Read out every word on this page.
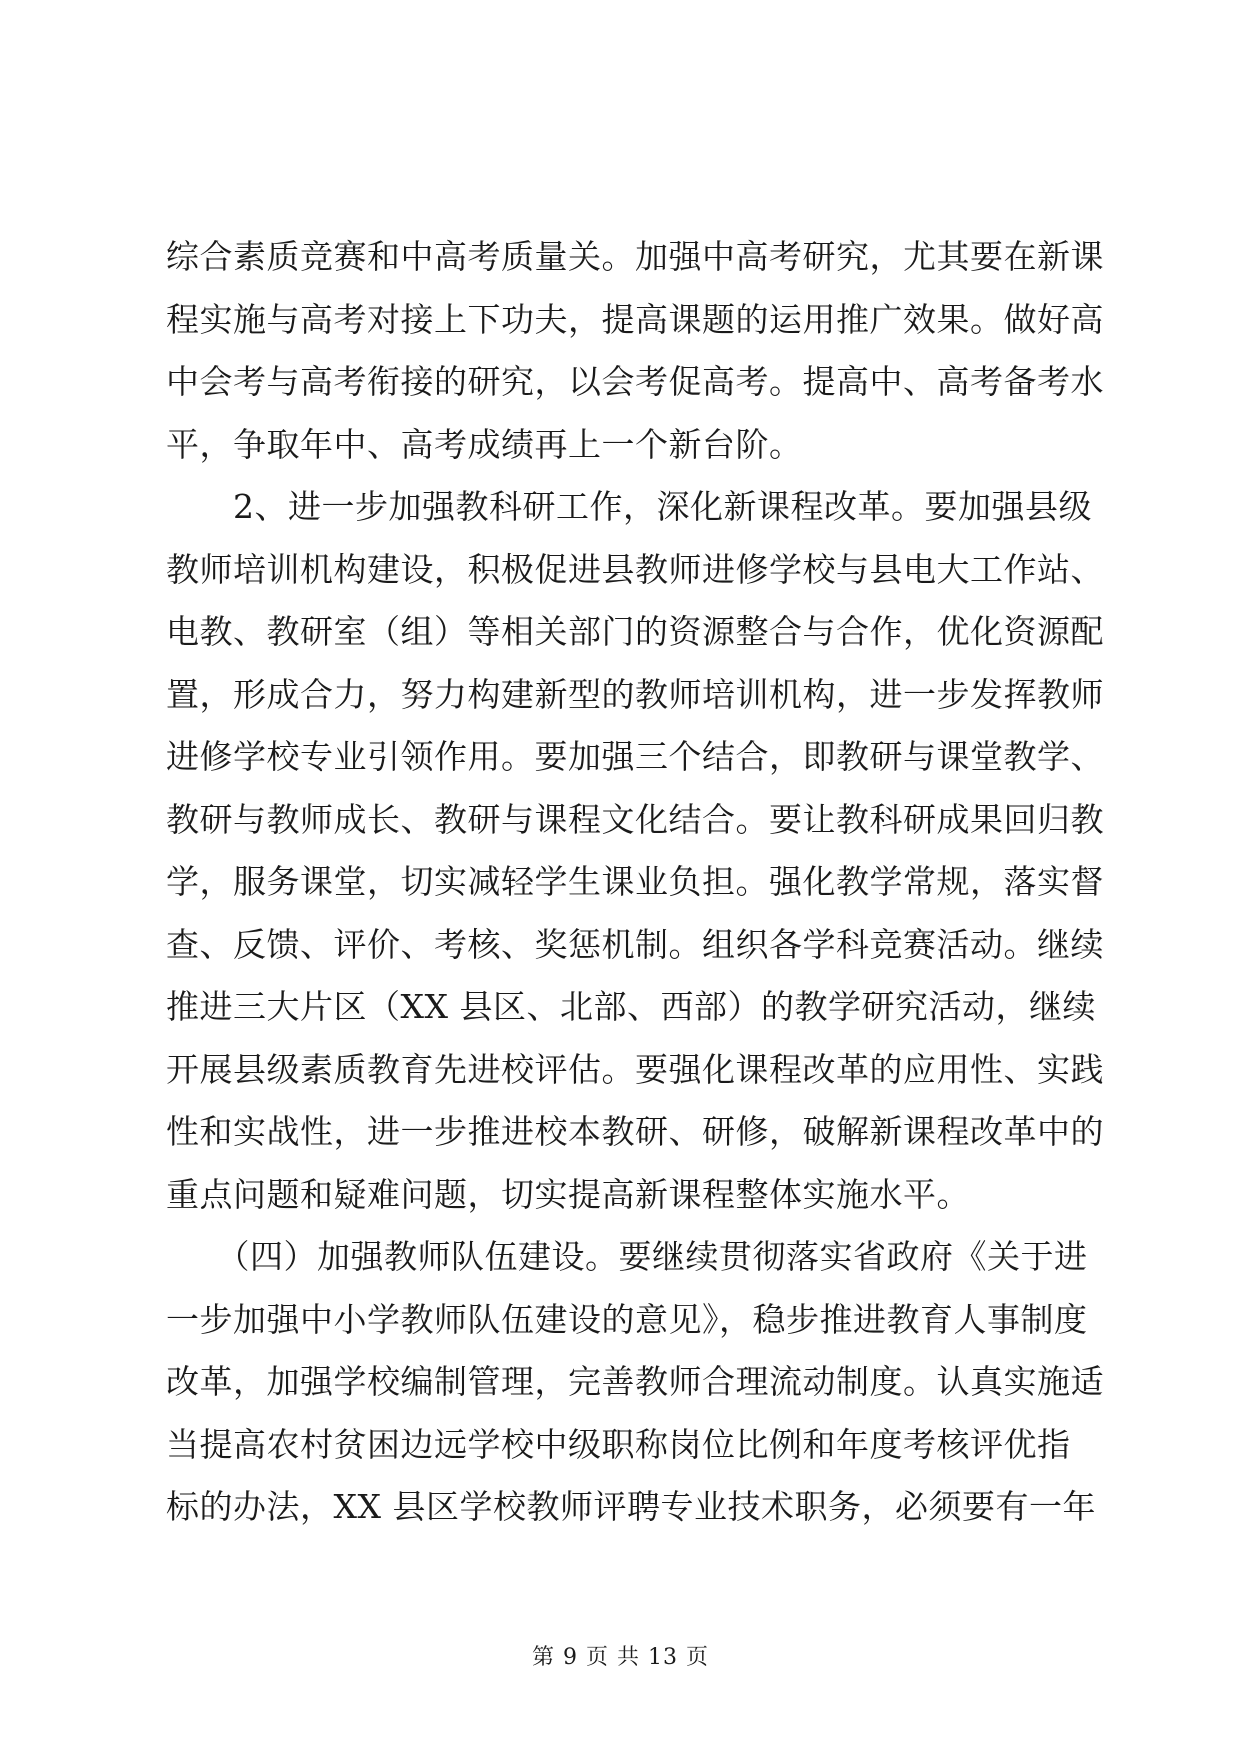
综合素质竞赛和中高考质量关。加强中高考研究，尤其要在新课
程实施与高考对接上下功夫，提高课题的运用推广效果。做好高
中会考与高考衔接的研究，以会考促高考。提高中、高考备考水
平，争取年中、高考成绩再上一个新台阶。
　　2、进一步加强教科研工作，深化新课程改革。要加强县级
教师培训机构建设，积极促进县教师进修学校与县电大工作站、
电教、教研室（组）等相关部门的资源整合与合作，优化资源配
置，形成合力，努力构建新型的教师培训机构，进一步发挥教师
进修学校专业引领作用。要加强三个结合，即教研与课堂教学、
教研与教师成长、教研与课程文化结合。要让教科研成果回归教
学，服务课堂，切实减轻学生课业负担。强化教学常规，落实督
查、反馈、评价、考核、奖惩机制。组织各学科竞赛活动。继续
推进三大片区（XX 县区、北部、西部）的教学研究活动，继续
开展县级素质教育先进校评估。要强化课程改革的应用性、实践
性和实战性，进一步推进校本教研、研修，破解新课程改革中的
重点问题和疑难问题，切实提高新课程整体实施水平。
　　（四）加强教师队伍建设。要继续贯彻落实省政府《关于进
一步加强中小学教师队伍建设的意见》，稳步推进教育人事制度
改革，加强学校编制管理，完善教师合理流动制度。认真实施适
当提高农村贫困边远学校中级职称岗位比例和年度考核评优指
标的办法，XX 县区学校教师评聘专业技术职务，必须要有一年
第 9 页 共 13 页
